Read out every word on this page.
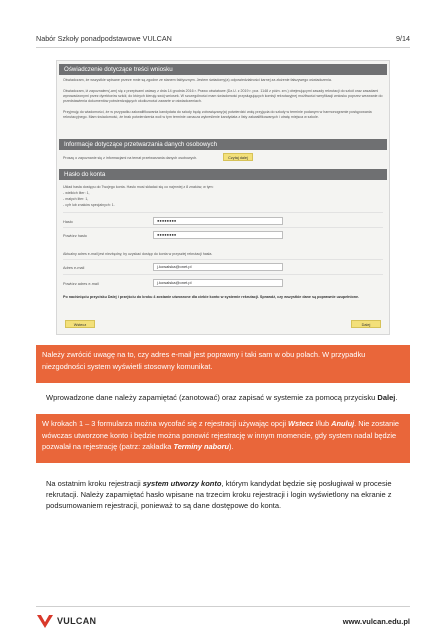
Nabór Szkoły ponadpodstawowe VULCAN	9/14
Oświadczenie dotyczące treści wniosku
Oświadczam, że wszystkie wpisane przeze mnie są zgodne ze stanem faktycznym. Jestem świadomy(a) odpowiedzialności karnej za złożenie fałszywego oświadczenia.
Oświadczam, iż zapoznałem(-am) się z przepisami ustawy z dnia 14 grudnia 2016 r. Prawo oświatowe (Dz.U. z 2019 r. poz. 1148 z późn. zm.) obejmującymi zasady rekrutacji do szkół oraz zasadami wprowadzonymi przez dyrektorów szkół, do których kieruję swój wniosek. W szczególności mam świadomość przysługujących komisji rekrutacyjnej możliwości weryfikacji wniosku poprzez wezwanie do przedstawienia dokumentów potwierdzających okoliczności zawarte w oświadczeniach.
Przyjmuję do wiadomości, że w przypadku zakwalifikowania kandydata do szkoły będę zobowiązany(a) potwierdzić wolę przyjęcia do szkoły w terminie podanym w harmonogramie postępowania rekrutacyjnego. Mam świadomość, że brak potwierdzenia woli w tym terminie oznacza wykreślenie kandydata z listy zakwalifikowanych i utratę miejsca w szkole.
Informacje dotyczące przetwarzania danych osobowych
Proszę o zapoznanie się z informacjami na temat przetwarzania danych osobowych.	Czytaj dalej
Hasło do konta
Układ hasła dostępu do Twojego konta. Hasło musi składać się co najmniej z 8 znaków, w tym:
- wielkich liter: 1,
- małych liter: 1,
- cyfr lub znaków specjalnych: 1.
Hasło	●●●●●●●●
Powtórz hasło	●●●●●●●●
Aktualny adres e-mail jest niezbędny, by uzyskać dostęp do konta w przyszłej rekrutacji hasła.
Adres e-mail	j.kowalska@onet.pl
Powtórz adres e-mail	j.kowalska@onet.pl
Po naciśnięciu przycisku Dalej i przejściu do kroku 4 zostanie utworzone dla ciebie konto w systemie rekrutacji. Sprawdź, czy wszystkie dane są poprawnie uzupełnione.
Wstecz	Dalej
Należy zwrócić uwagę na to, czy adres e-mail jest poprawny i taki sam w obu polach. W przypadku niezgodności system wyświetli stosowny komunikat.
Wprowadzone dane należy zapamiętać (zanotować) oraz zapisać w systemie za pomocą przycisku Dalej.
W krokach 1 – 3 formularza można wycofać się z rejestracji używając opcji Wstecz i/lub Anuluj. Nie zostanie wówczas utworzone konto i będzie można ponowić rejestrację w innym momencie, gdy system nadal będzie pozwalał na rejestrację (patrz: zakładka Terminy naboru).
Na ostatnim kroku rejestracji system utworzy konto, którym kandydat będzie się posługiwał w procesie rekrutacji. Należy zapamiętać hasło wpisane na trzecim kroku rejestracji i login wyświetlony na ekranie z podsumowaniem rejestracji, ponieważ to są dane dostępowe do konta.
VULCAN	www.vulcan.edu.pl
